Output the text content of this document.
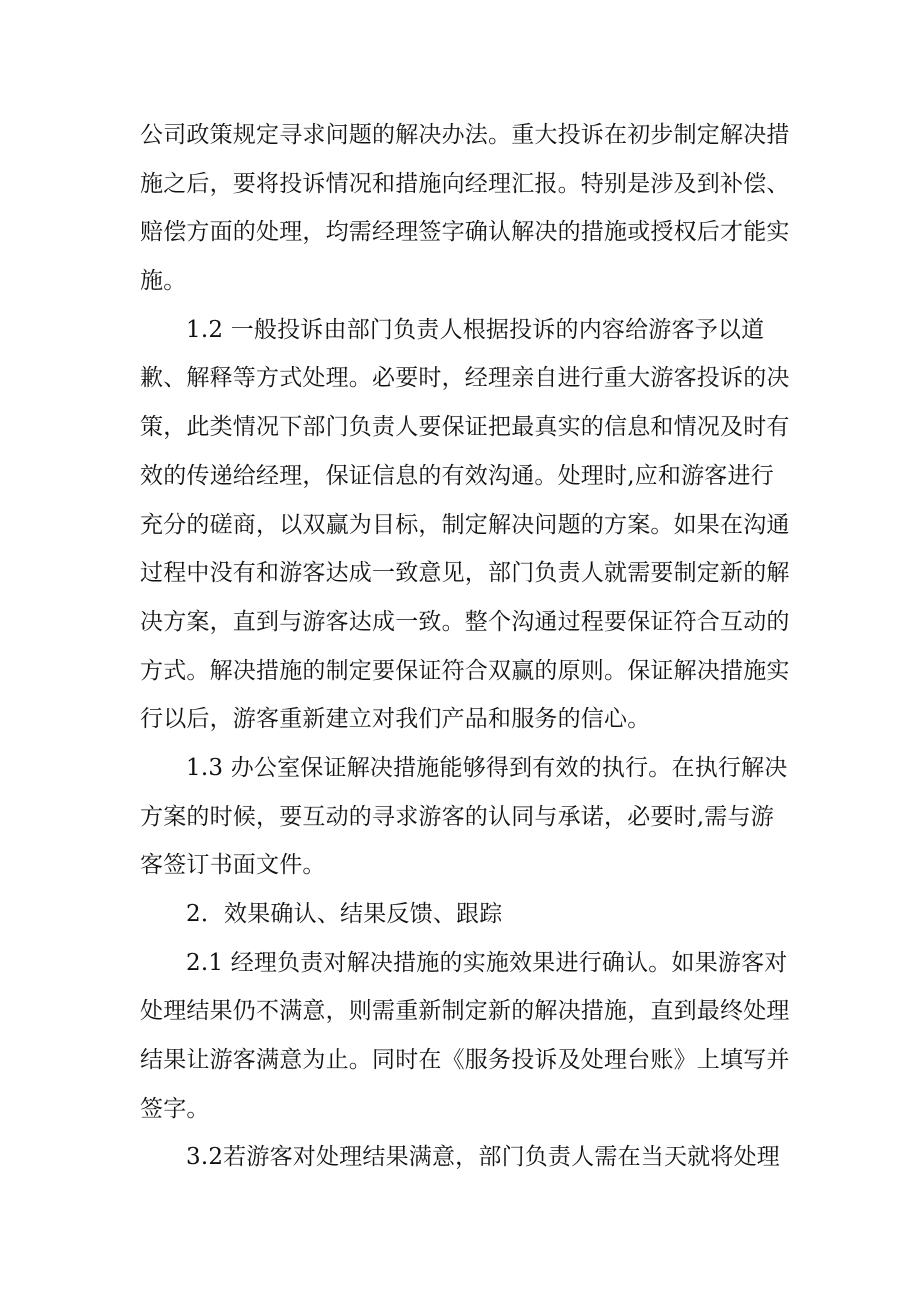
公司政策规定寻求问题的解决办法。重大投诉在初步制定解决措
施之后，要将投诉情况和措施向经理汇报。特别是涉及到补偿、
赔偿方面的处理，均需经理签字确认解决的措施或授权后才能实
施。
1.2 一般投诉由部门负责人根据投诉的内容给游客予以道
歉、解释等方式处理。必要时，经理亲自进行重大游客投诉的决
策，此类情况下部门负责人要保证把最真实的信息和情况及时有
效的传递给经理，保证信息的有效沟通。处理时,应和游客进行
充分的磋商，以双赢为目标，制定解决问题的方案。如果在沟通
过程中没有和游客达成一致意见，部门负责人就需要制定新的解
决方案，直到与游客达成一致。整个沟通过程要保证符合互动的
方式。解决措施的制定要保证符合双赢的原则。保证解决措施实
行以后，游客重新建立对我们产品和服务的信心。
1.3 办公室保证解决措施能够得到有效的执行。在执行解决
方案的时候，要互动的寻求游客的认同与承诺，必要时,需与游
客签订书面文件。
2．效果确认、结果反馈、跟踪
2.1 经理负责对解决措施的实施效果进行确认。如果游客对
处理结果仍不满意，则需重新制定新的解决措施，直到最终处理
结果让游客满意为止。同时在《服务投诉及处理台账》上填写并
签字。
3.2若游客对处理结果满意，部门负责人需在当天就将处理
